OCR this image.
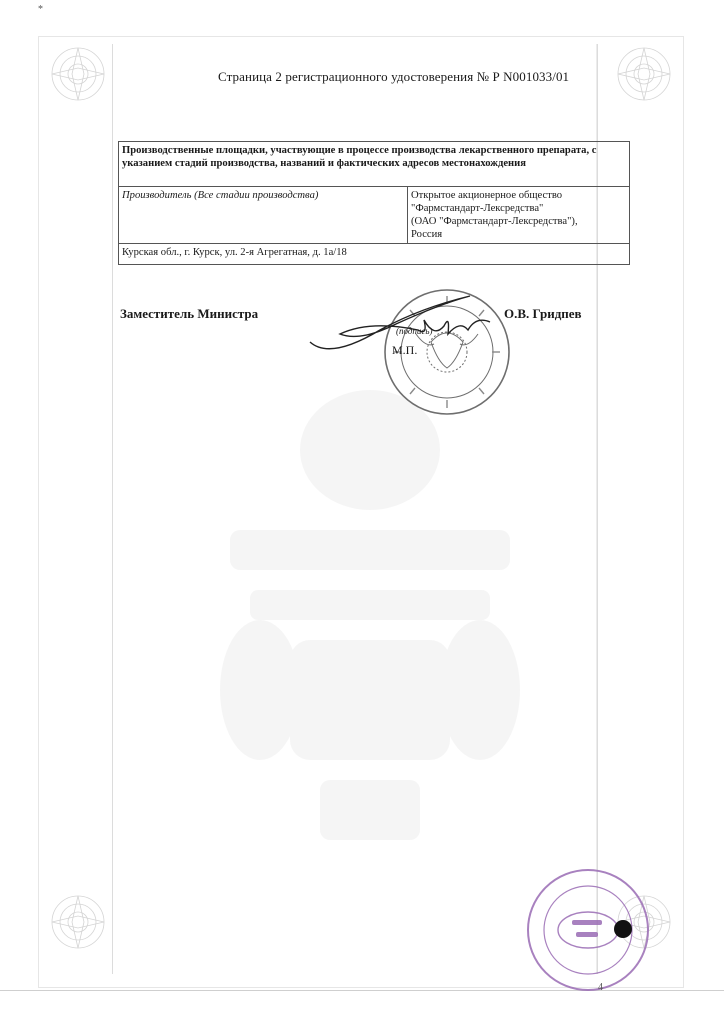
*
Страница 2 регистрационного удостоверения № Р N001033/01
Производственные площадки, участвующие в процессе производства лекарственного препарата, с указанием стадий производства, названий и фактических адресов местонахождения
Производитель (Все стадии производства)	Открытое акционерное общество
"Фармстандарт-Лексредства"
(ОАО "Фармстандарт-Лексредства"),
Россия

Курская обл., г. Курск, ул. 2-я Агрегатная, д. 1а/18
Заместитель Министра	О.В. Гридпев
(подпись)
М.П.
4
